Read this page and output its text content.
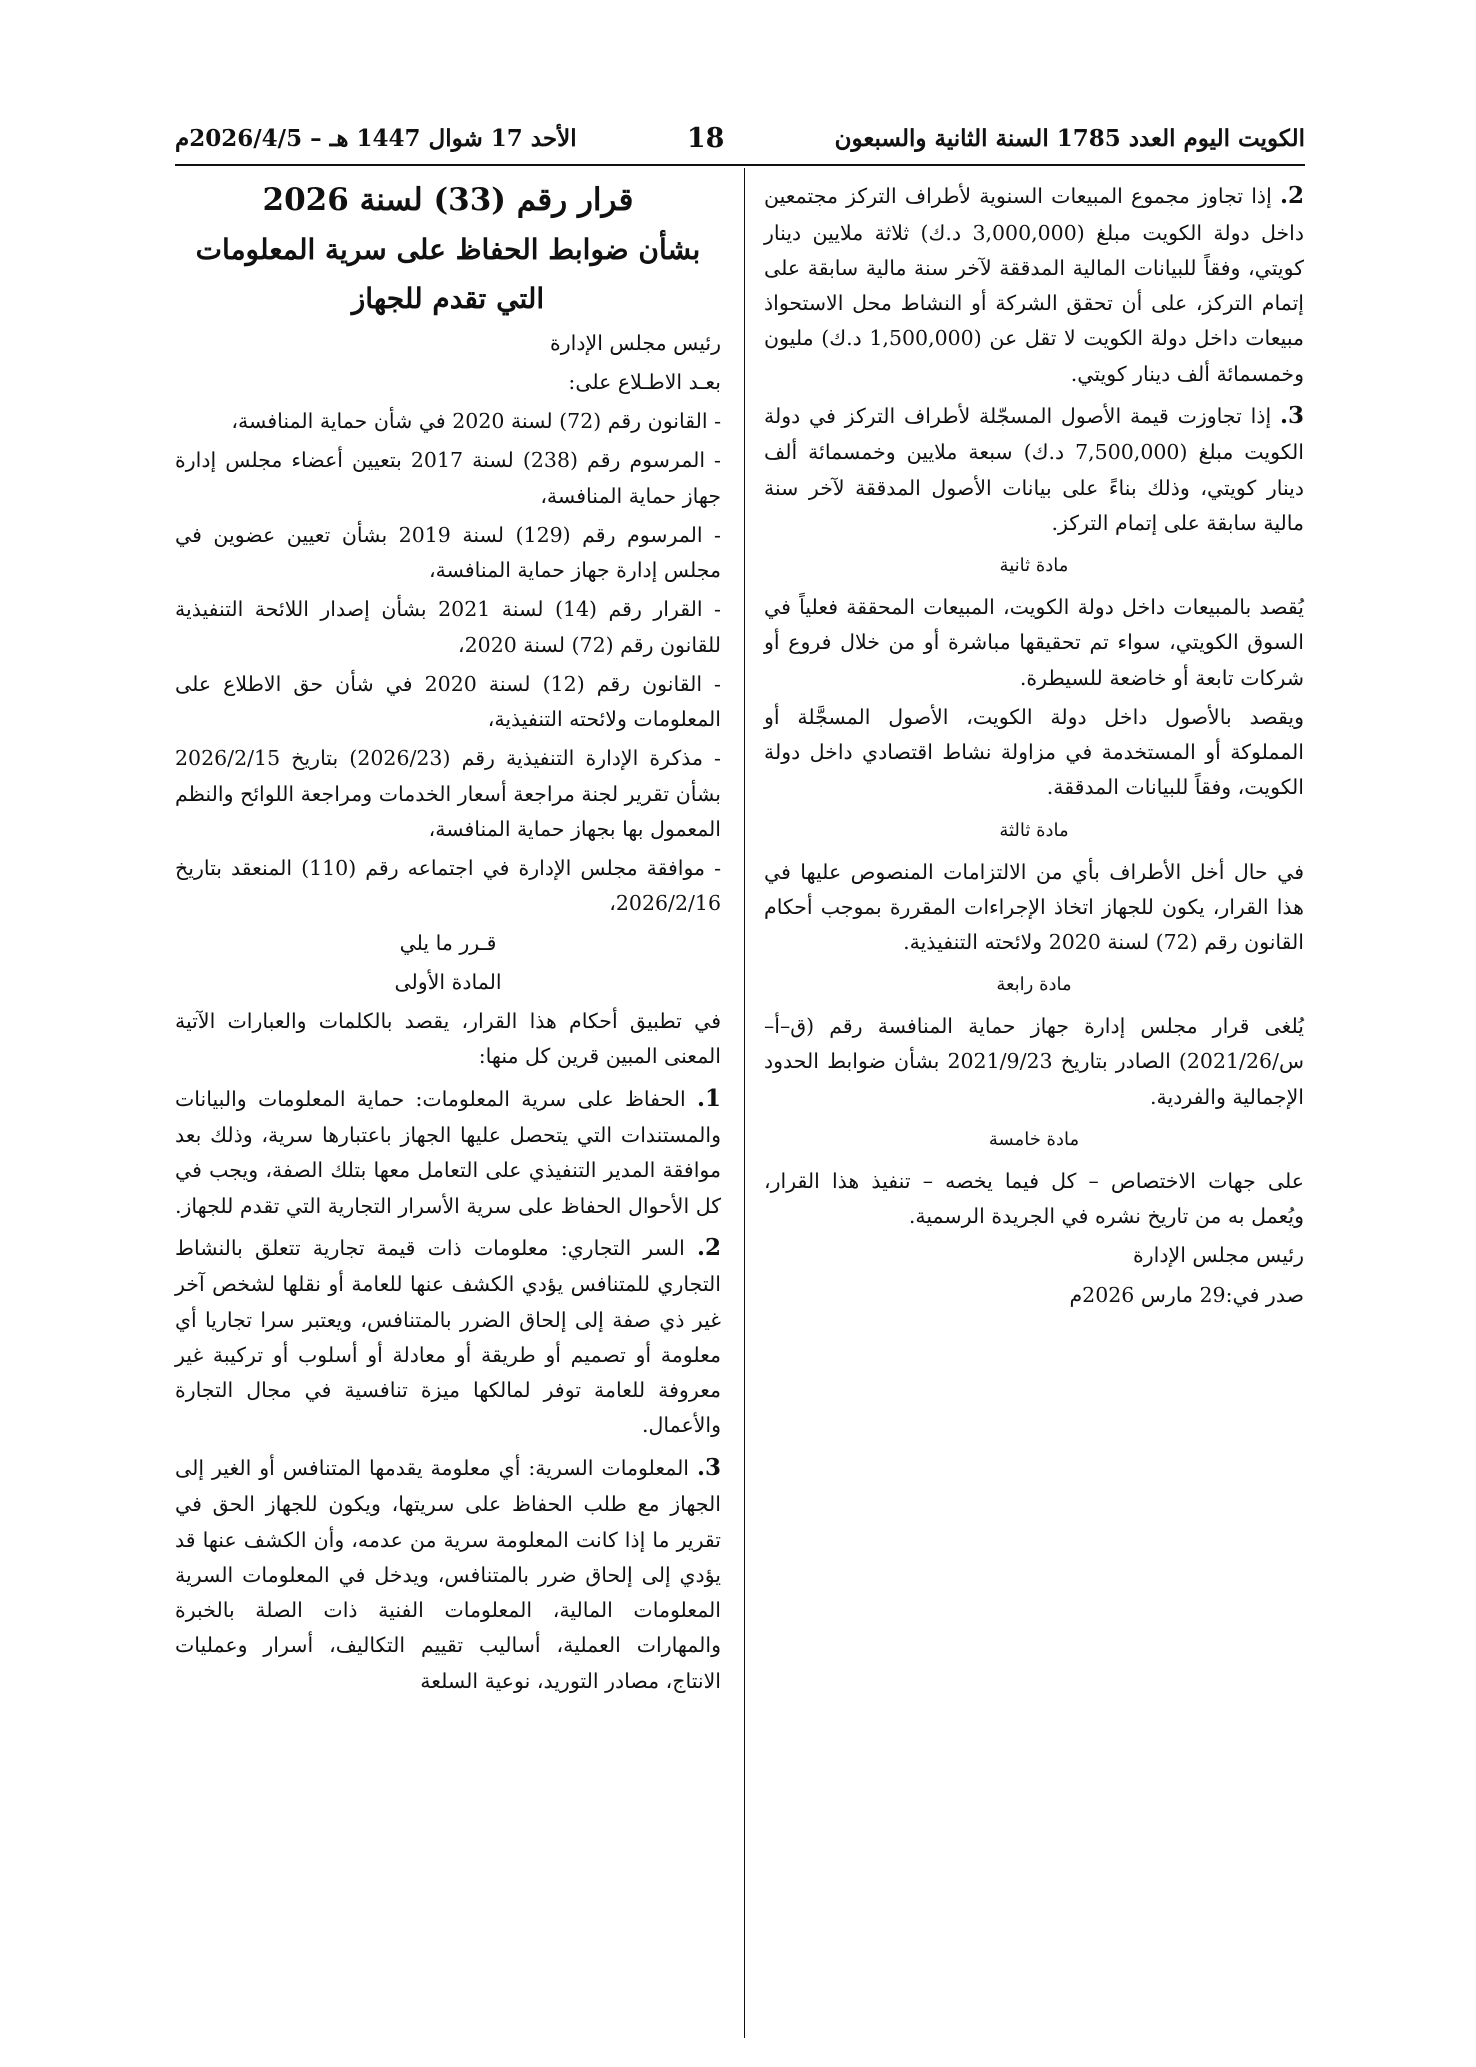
الكويت اليوم العدد 1785 السنة الثانية والسبعون
18
الأحد 17 شوال 1447 هـ – 2026/4/5م

2. إذا تجاوز مجموع المبيعات السنوية لأطراف التركز مجتمعين داخل دولة الكويت مبلغ (3,000,000 د.ك) ثلاثة ملايين دينار كويتي، وفقاً للبيانات المالية المدققة لآخر سنة مالية سابقة على إتمام التركز، على أن تحقق الشركة أو النشاط محل الاستحواذ مبيعات داخل دولة الكويت لا تقل عن (1,500,000 د.ك) مليون وخمسمائة ألف دينار كويتي.

3. إذا تجاوزت قيمة الأصول المسجّلة لأطراف التركز في دولة الكويت مبلغ (7,500,000 د.ك) سبعة ملايين وخمسمائة ألف دينار كويتي، وذلك بناءً على بيانات الأصول المدققة لآخر سنة مالية سابقة على إتمام التركز.

مادة ثانية

يُقصد بالمبيعات داخل دولة الكويت، المبيعات المحققة فعلياً في السوق الكويتي، سواء تم تحقيقها مباشرة أو من خلال فروع أو شركات تابعة أو خاضعة للسيطرة.

ويقصد بالأصول داخل دولة الكويت، الأصول المسجَّلة أو المملوكة أو المستخدمة في مزاولة نشاط اقتصادي داخل دولة الكويت، وفقاً للبيانات المدققة.

مادة ثالثة

في حال أخل الأطراف بأي من الالتزامات المنصوص عليها في هذا القرار، يكون للجهاز اتخاذ الإجراءات المقررة بموجب أحكام القانون رقم (72) لسنة 2020 ولائحته التنفيذية.

مادة رابعة

يُلغى قرار مجلس إدارة جهاز حماية المنافسة رقم (ق–أ–س/2021/26) الصادر بتاريخ 2021/9/23 بشأن ضوابط الحدود الإجمالية والفردية.

مادة خامسة

على جهات الاختصاص – كل فيما يخصه – تنفيذ هذا القرار، ويُعمل به من تاريخ نشره في الجريدة الرسمية.

رئيس مجلس الإدارة

صدر في:29 مارس 2026م

قرار رقم (33) لسنة 2026

بشأن ضوابط الحفاظ على سرية المعلومات

التي تقدم للجهاز

رئيس مجلس الإدارة

بعـد الاطـلاع على:

- القانون رقم (72) لسنة 2020 في شأن حماية المنافسة،

- المرسوم رقم (238) لسنة 2017 بتعيين أعضاء مجلس إدارة جهاز حماية المنافسة،

- المرسوم رقم (129) لسنة 2019 بشأن تعيين عضوين في مجلس إدارة جهاز حماية المنافسة،

- القرار رقم (14) لسنة 2021 بشأن إصدار اللائحة التنفيذية للقانون رقم (72) لسنة 2020،

- القانون رقم (12) لسنة 2020 في شأن حق الاطلاع على المعلومات ولائحته التنفيذية،

- مذكرة الإدارة التنفيذية رقم (2026/23) بتاريخ 2026/2/15 بشأن تقرير لجنة مراجعة أسعار الخدمات ومراجعة اللوائح والنظم المعمول بها بجهاز حماية المنافسة،

- موافقة مجلس الإدارة في اجتماعه رقم (110) المنعقد بتاريخ 2026/2/16،

قـرر ما يلي

المادة الأولى

في تطبيق أحكام هذا القرار، يقصد بالكلمات والعبارات الآتية المعنى المبين قرين كل منها:

1. الحفاظ على سرية المعلومات: حماية المعلومات والبيانات والمستندات التي يتحصل عليها الجهاز باعتبارها سرية، وذلك بعد موافقة المدير التنفيذي على التعامل معها بتلك الصفة، ويجب في كل الأحوال الحفاظ على سرية الأسرار التجارية التي تقدم للجهاز.

2. السر التجاري: معلومات ذات قيمة تجارية تتعلق بالنشاط التجاري للمتنافس يؤدي الكشف عنها للعامة أو نقلها لشخص آخر غير ذي صفة إلى إلحاق الضرر بالمتنافس، ويعتبر سرا تجاريا أي معلومة أو تصميم أو طريقة أو معادلة أو أسلوب أو تركيبة غير معروفة للعامة توفر لمالكها ميزة تنافسية في مجال التجارة والأعمال.

3. المعلومات السرية: أي معلومة يقدمها المتنافس أو الغير إلى الجهاز مع طلب الحفاظ على سريتها، ويكون للجهاز الحق في تقرير ما إذا كانت المعلومة سرية من عدمه، وأن الكشف عنها قد يؤدي إلى إلحاق ضرر بالمتنافس، ويدخل في المعلومات السرية المعلومات المالية، المعلومات الفنية ذات الصلة بالخبرة والمهارات العملية، أساليب تقييم التكاليف، أسرار وعمليات الانتاج، مصادر التوريد، نوعية السلعة
